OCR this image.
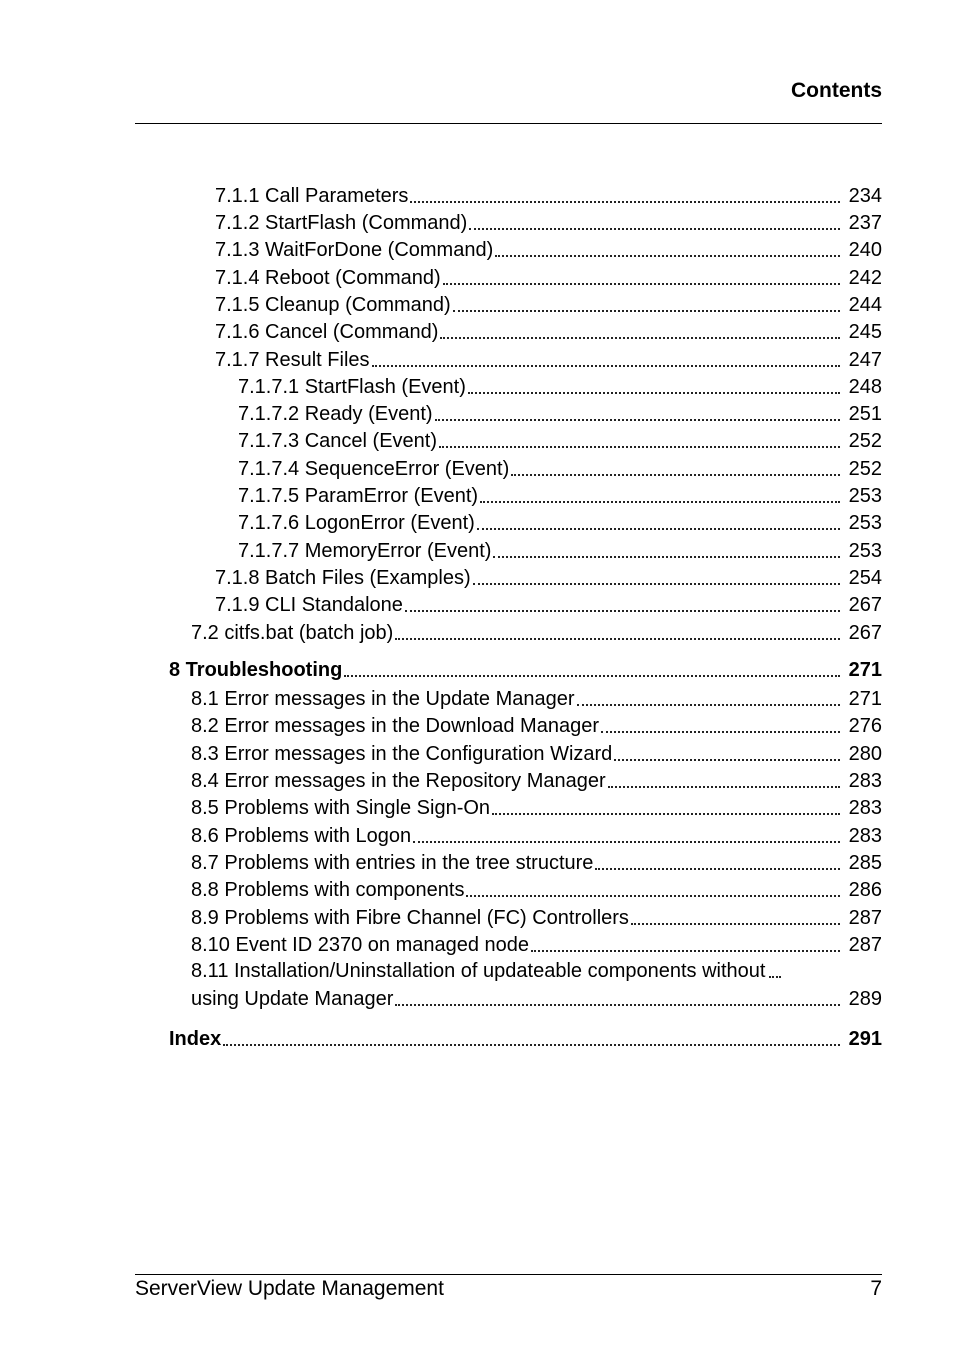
Contents
7.1.1 Call Parameters	234
7.1.2 StartFlash (Command)	237
7.1.3 WaitForDone (Command)	240
7.1.4 Reboot (Command)	242
7.1.5 Cleanup (Command)	244
7.1.6 Cancel (Command)	245
7.1.7 Result Files	247
7.1.7.1 StartFlash (Event)	248
7.1.7.2 Ready (Event)	251
7.1.7.3 Cancel (Event)	252
7.1.7.4 SequenceError (Event)	252
7.1.7.5 ParamError (Event)	253
7.1.7.6 LogonError (Event)	253
7.1.7.7 MemoryError (Event)	253
7.1.8 Batch Files (Examples)	254
7.1.9 CLI Standalone	267
7.2 citfs.bat (batch job)	267
8 Troubleshooting	271
8.1 Error messages in the Update Manager	271
8.2 Error messages in the Download Manager	276
8.3 Error messages in the Configuration Wizard	280
8.4 Error messages in the Repository Manager	283
8.5 Problems with Single Sign-On	283
8.6 Problems with Logon	283
8.7 Problems with entries in the tree structure	285
8.8 Problems with components	286
8.9 Problems with Fibre Channel (FC) Controllers	287
8.10 Event ID 2370 on managed node	287
8.11 Installation/Uninstallation of updateable components without
using Update Manager	289
Index	291
ServerView Update Management	7
